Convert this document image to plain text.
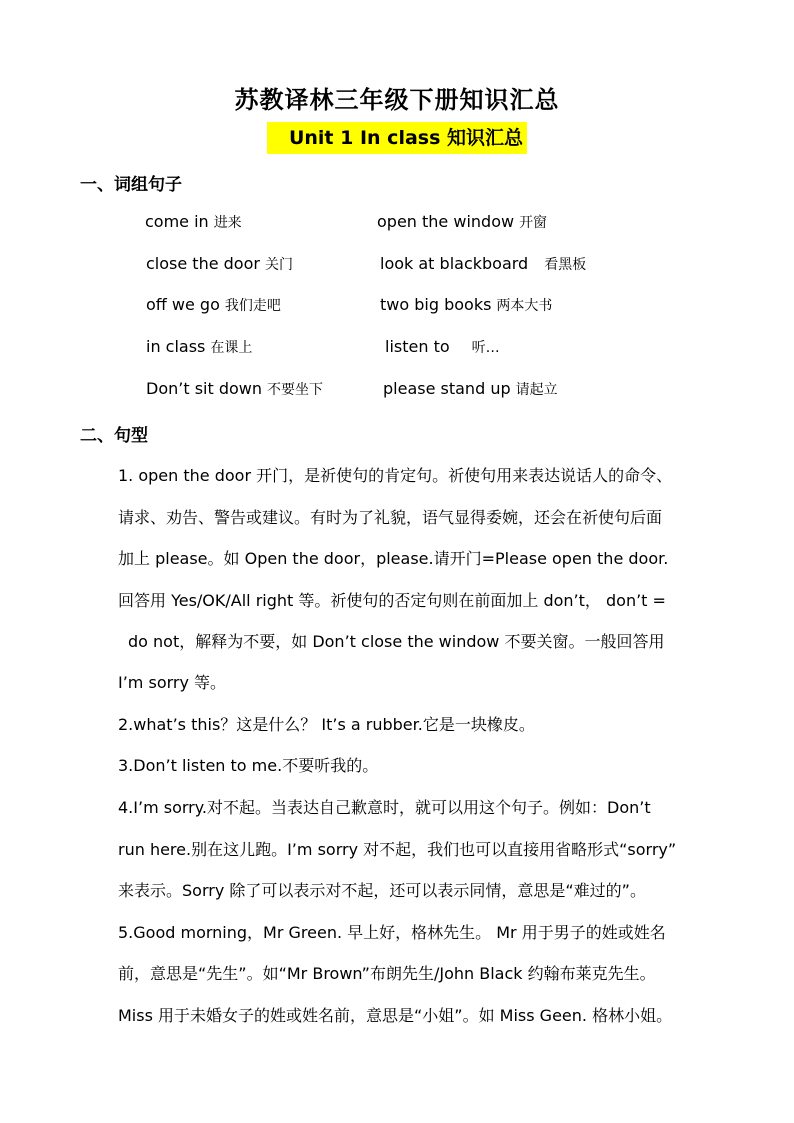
苏教译林三年级下册知识汇总
Unit 1 In class 知识汇总
一、词组句子
come in 进来	open the window 开窗
close the door 关门	look at blackboard 看黑板
off we go 我们走吧	two big books 两本大书
in class 在课上	listen to 听…
Don’t sit down 不要坐下	please stand up 请起立
二、句型
1. open the door 开门，是祈使句的肯定句。祈使句用来表达说话人的命令、
请求、劝告、警告或建议。有时为了礼貌，语气显得委婉，还会在祈使句后面
加上 please。如 Open the door，please.请开门=Please open the door.
回答用 Yes/OK/All right 等。祈使句的否定句则在前面加上 don’t， don’t =
do not，解释为不要，如 Don’t close the window 不要关窗。一般回答用
I’m sorry 等。
2.what’s this？这是什么？ It’s a rubber.它是一块橡皮。
3.Don’t listen to me.不要听我的。
4.I’m sorry.对不起。当表达自己歉意时，就可以用这个句子。例如：Don’t
run here.别在这儿跑。I’m sorry 对不起，我们也可以直接用省略形式“sorry”
来表示。Sorry 除了可以表示对不起，还可以表示同情，意思是“难过的”。
5.Good morning，Mr Green. 早上好，格林先生。 Mr 用于男子的姓或姓名
前，意思是“先生”。如“Mr Brown”布朗先生/John Black 约翰布莱克先生。
Miss 用于未婚女子的姓或姓名前，意思是“小姐”。如 Miss Geen. 格林小姐。
